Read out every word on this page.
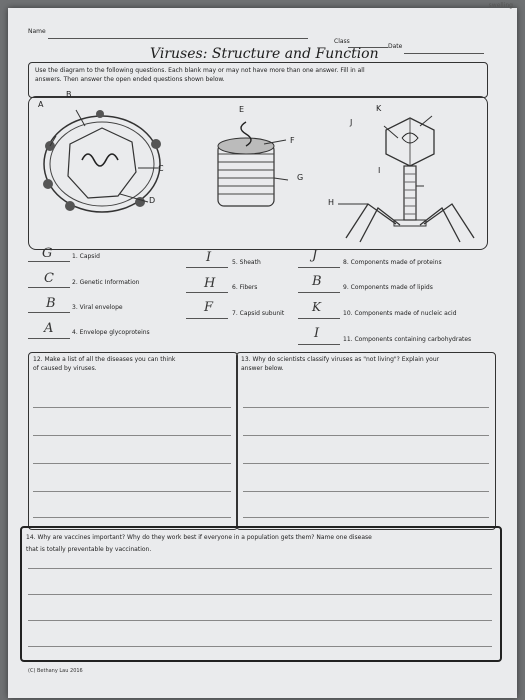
swelling
Name
Class
Date
Viruses: Structure and Function
Use the diagram to the following questions. Each blank may or may not have more than one answer. Fill in all
answers. Then answer the open ended questions shown below.
A
B
C
D
E
F
G
K
J
I
H
G	1. Capsid
C	2. Genetic Information
B	3. Viral envelope
A	4. Envelope glycoproteins
I	5. Sheath
H	6. Fibers
F	7. Capsid subunit
J	8. Components made of proteins
B	9. Components made of lipids
K	10. Components made of nucleic acid
I	11. Components containing carbohydrates
12. Make a list of all the diseases you can think
of caused by viruses.
13. Why do scientists classify viruses as "not living"? Explain your
answer below.
14. Why are vaccines important? Why do they work best if everyone in a population gets them? Name one disease
that is totally preventable by vaccination.
(C) Bethany Lau 2016
